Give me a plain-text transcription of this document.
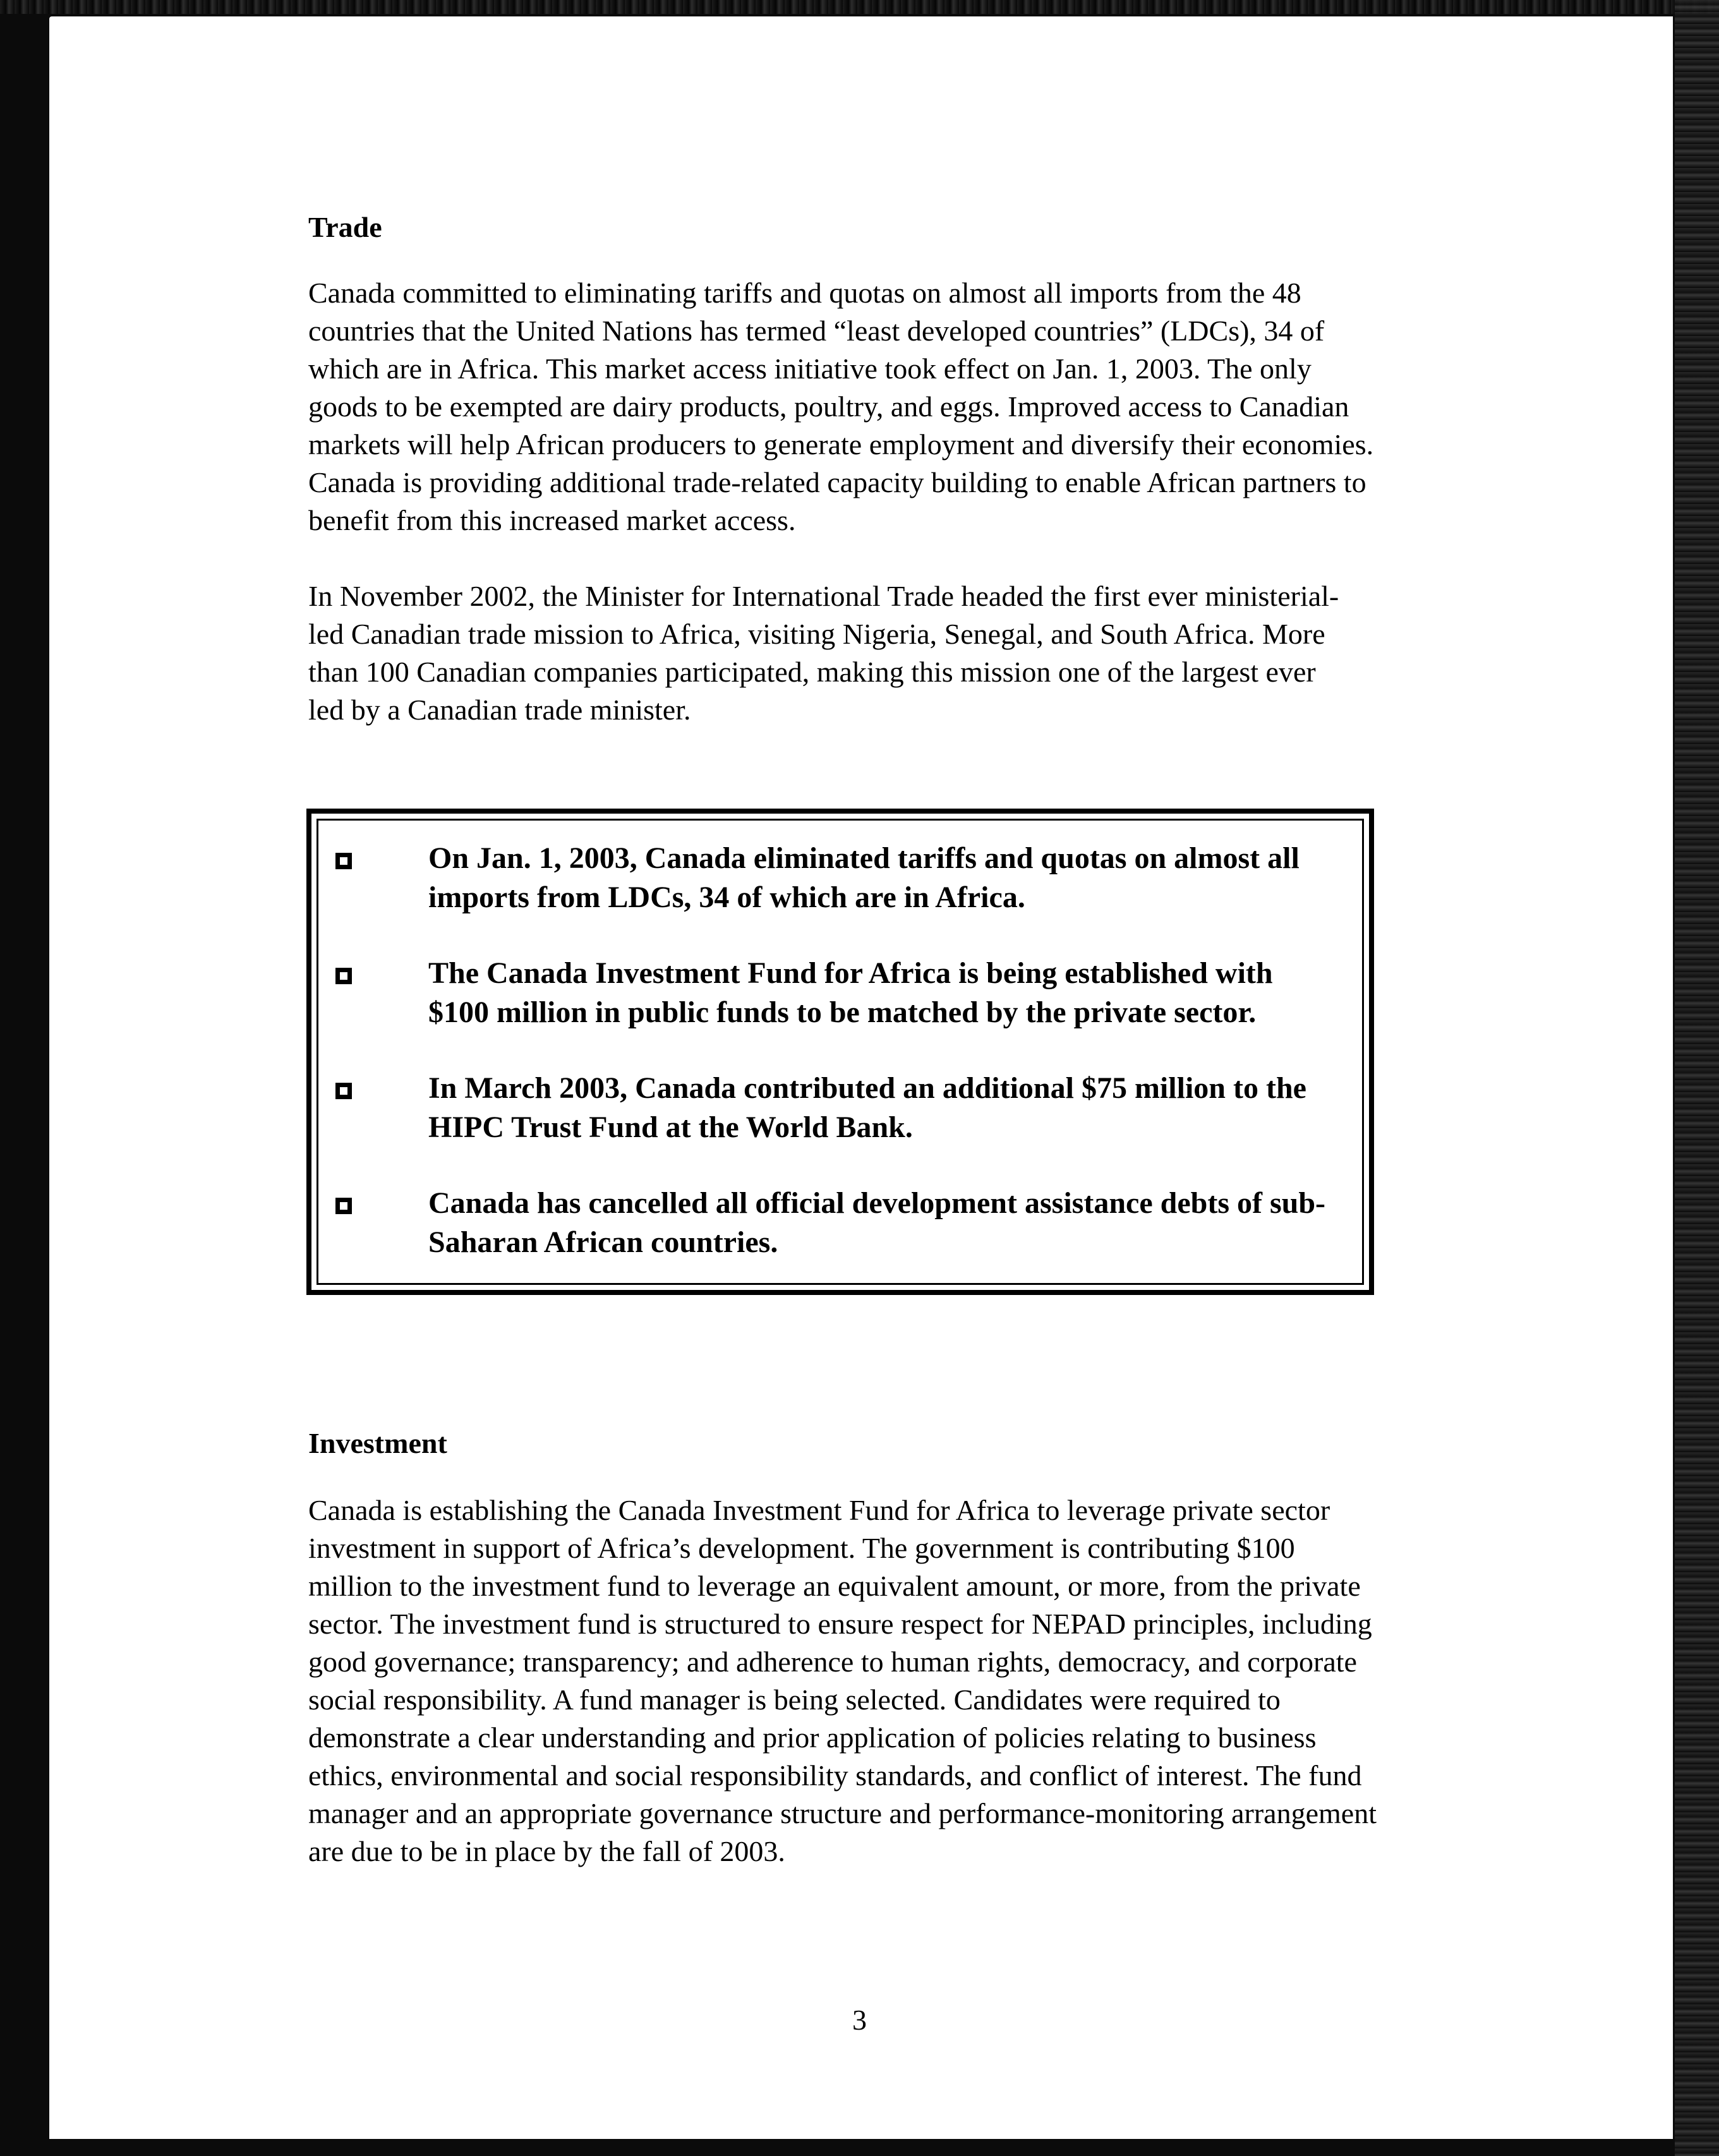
Trade

Canada committed to eliminating tariffs and quotas on almost all imports from the 48 countries that the United Nations has termed “least developed countries” (LDCs), 34 of which are in Africa. This market access initiative took effect on Jan. 1, 2003. The only goods to be exempted are dairy products, poultry, and eggs. Improved access to Canadian markets will help African producers to generate employment and diversify their economies. Canada is providing additional trade-related capacity building to enable African partners to benefit from this increased market access.

In November 2002, the Minister for International Trade headed the first ever ministerial-led Canadian trade mission to Africa, visiting Nigeria, Senegal, and South Africa. More than 100 Canadian companies participated, making this mission one of the largest ever led by a Canadian trade minister.

On Jan. 1, 2003, Canada eliminated tariffs and quotas on almost all imports from LDCs, 34 of which are in Africa.
The Canada Investment Fund for Africa is being established with $100 million in public funds to be matched by the private sector.
In March 2003, Canada contributed an additional $75 million to the HIPC Trust Fund at the World Bank.
Canada has cancelled all official development assistance debts of sub-Saharan African countries.
Investment

Canada is establishing the Canada Investment Fund for Africa to leverage private sector investment in support of Africa’s development. The government is contributing $100 million to the investment fund to leverage an equivalent amount, or more, from the private sector. The investment fund is structured to ensure respect for NEPAD principles, including good governance; transparency; and adherence to human rights, democracy, and corporate social responsibility. A fund manager is being selected. Candidates were required to demonstrate a clear understanding and prior application of policies relating to business ethics, environmental and social responsibility standards, and conflict of interest. The fund manager and an appropriate governance structure and performance-monitoring arrangement are due to be in place by the fall of 2003.

3
